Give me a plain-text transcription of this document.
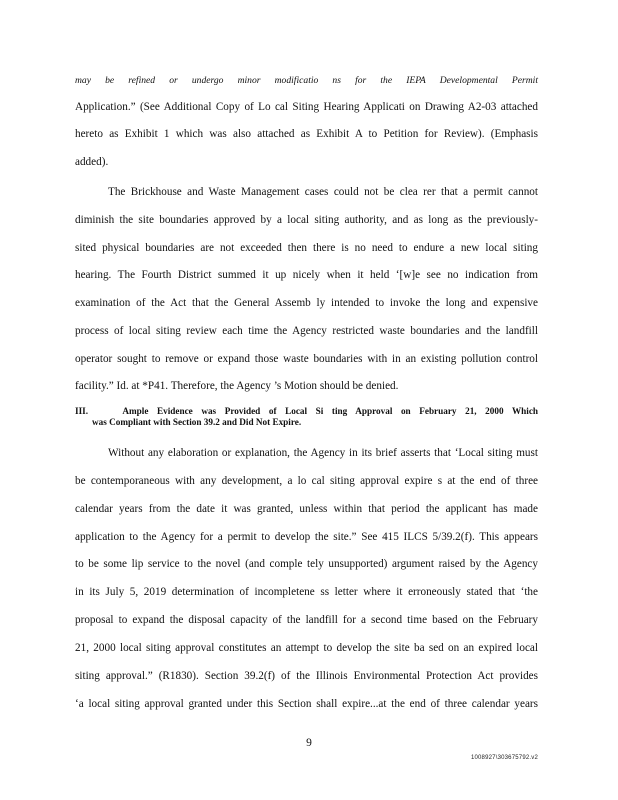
may be refined or undergo minor modificatio ns for the IEPA Developmental Permit
Application.” (See Additional Copy of Lo cal Siting Hearing Applicati on Drawing A2-03 attached
hereto as Exhibit 1 which was also attached as Exhibit A to Petition for Review). (Emphasis
added).
The Brickhouse and Waste Management cases could not be clea rer that a permit cannot
diminish the site boundaries approved by a local siting authority, and as long as the previously-
sited physical boundaries are not exceeded then there is no need to endure a new local siting
hearing. The Fourth District summed it up nicely when it held ‘[w]e see no indication from
examination of the Act that the General Assemb ly intended to invoke the long and expensive
process of local siting review each time the Agency restricted waste boundaries and the landfill
operator sought to remove or expand those waste boundaries with in an existing pollution control
facility.” Id. at *P41. Therefore, the Agency ’s Motion should be denied.
III.	Ample Evidence was Provided of Local Si ting Approval on February 21, 2000 Which
was Compliant with Section 39.2 and Did Not Expire.
Without any elaboration or explanation, the Agency in its brief asserts that ‘Local siting must
be contemporaneous with any development, a lo cal siting approval expire s at the end of three
calendar years from the date it was granted, unless within that period the applicant has made
application to the Agency for a permit to develop the site.” See 415 ILCS 5/39.2(f). This appears
to be some lip service to the novel (and comple tely unsupported) argument raised by the Agency
in its July 5, 2019 determination of incompletene ss letter where it erroneously stated that ‘the
proposal to expand the disposal capacity of the landfill for a second time based on the February
21, 2000 local siting approval constitutes an attempt to develop the site ba sed on an expired local
siting approval.” (R1830). Section 39.2(f) of the Illinois Environmental Protection Act provides
‘a local siting approval granted under this Section shall expire...at the end of three calendar years
9
1008927\303675792.v2
